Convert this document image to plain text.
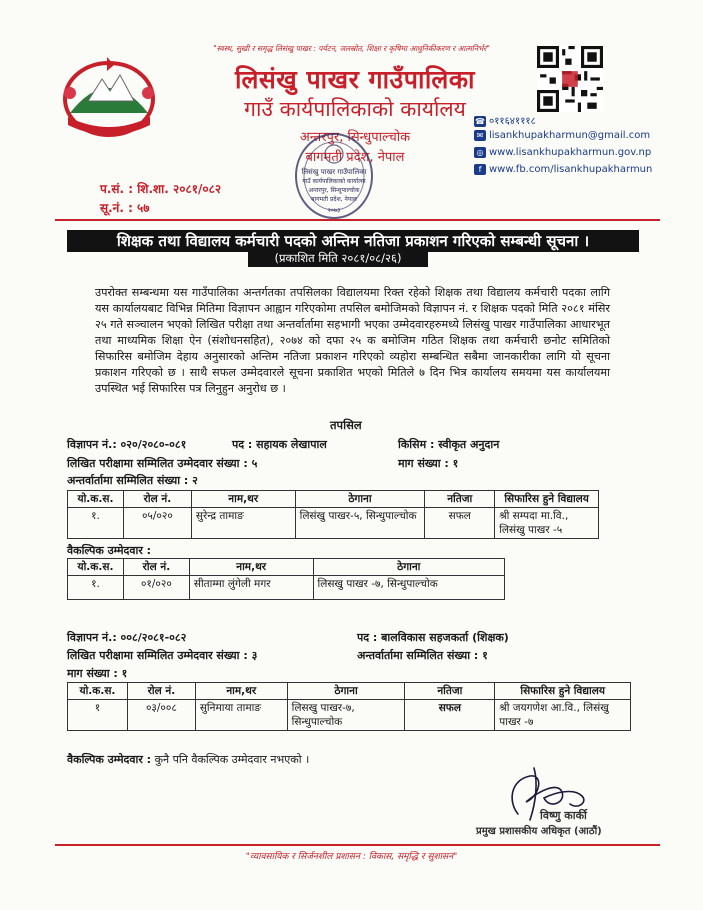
"स्वस्थ, सुखी र समृद्ध लिसंखु पाखर : पर्यटन, जलस्रोत, शिक्षा र कृषिमा आधुनिकीकरण र आत्मनिर्भर"
लिसंखु पाखर गाउँपालिका
गाउँ कार्यपालिकाको कार्यालय
अन्तरपुर, सिन्धुपाल्चोक
बागमती प्रदेश, नेपाल
☎ ०११६४१११८
✉ lisankhupakharmun@gmail.com
◎ www.lisankhupakharmun.gov.np
f www.fb.com/lisankhupakharmun
प.सं. : शि.शा. २०८१/०८२
सू.नं. : ५७
लिसंखु पाखर गाउँपालिका
गाउँ कार्यपालिकाको कार्यालय
अन्तरपुर, सिन्धुपाल्चोक
बागमती प्रदेश, नेपाल
२०७३
शिक्षक तथा विद्यालय कर्मचारी पदको अन्तिम नतिजा प्रकाशन गरिएको सम्बन्धी सूचना ।
(प्रकाशित मिति २०८१/०८/२६)
उपरोक्त सम्बन्धमा यस गाउँपालिका अन्तर्गतका तपसिलका विद्यालयमा रिक्त रहेको शिक्षक तथा विद्यालय कर्मचारी पदका लागि यस कार्यालयबाट विभिन्न मितिमा विज्ञापन आह्वान गरिएकोमा तपसिल बमोजिमको विज्ञापन नं. र शिक्षक पदको मिति २०८१ मंसिर २५ गते सञ्चालन भएको लिखित परीक्षा तथा अन्तर्वार्तामा सहभागी भएका उम्मेदवारहरुमध्ये लिसंखु पाखर गाउँपालिका आधारभूत तथा माध्यमिक शिक्षा ऐन (संशोधनसहित), २०७४ को दफा २५ क बमोजिम गठित शिक्षक तथा कर्मचारी छनोट समितिको सिफारिस बमोजिम देहाय अनुसारको अन्तिम नतिजा प्रकाशन गरिएको व्यहोरा सम्बन्धित सबैमा जानकारीका लागि यो सूचना प्रकाशन गरिएको छ । साथै सफल उम्मेदवारले सूचना प्रकाशित भएको मितिले ७ दिन भित्र कार्यालय समयमा यस कार्यालयमा उपस्थित भई सिफारिस पत्र लिनुहुन अनुरोध छ ।
तपसिल
विज्ञापन नं.: ०२०/२०८०-०८१	पद : सहायक लेखापाल	किसिम : स्वीकृत अनुदान
लिखित परीक्षामा सम्मिलित उम्मेदवार संख्या : ५	माग संख्या : १
अन्तर्वार्तामा सम्मिलित संख्या : २
यो.क.स.	रोल नं.	नाम,थर	ठेगाना	नतिजा	सिफारिस हुने विद्यालय
१.	०५/०२०	सुरेन्द्र तामाङ	लिसंखु पाखर-५, सिन्धुपाल्चोक	सफल	श्री सम्पदा मा.वि., लिसंखु पाखर -५
वैकल्पिक उम्मेदवार :
यो.क.स.	रोल नं.	नाम,थर	ठेगाना
१.	०१/०२०	सीताम्मा लुंगेली मगर	लिसखु पाखर -७, सिन्धुपाल्चोक
विज्ञापन नं.: ००८/२०८१-०८२	पद : बालविकास सहजकर्ता (शिक्षक)
लिखित परीक्षामा सम्मिलित उम्मेदवार संख्या : ३	अन्तर्वार्तामा सम्मिलित संख्या : १
माग संख्या : १
यो.क.स.	रोल नं.	नाम,थर	ठेगाना	नतिजा	सिफारिस हुने विद्यालय
१	०३/००८	सुनिमाया तामाङ	लिसखु पाखर-७, सिन्धुपाल्चोक	सफल	श्री जयगणेश आ.वि., लिसंखु पाखर -७
वैकल्पिक उम्मेदवार : कुनै पनि वैकल्पिक उम्मेदवार नभएको ।
विष्णु कार्की
प्रमुख प्रशासकीय अधिकृत (आठौं)
"व्यावसायिक र सिर्जनशील प्रशासन : विकास, समृद्धि र सुशासन"
